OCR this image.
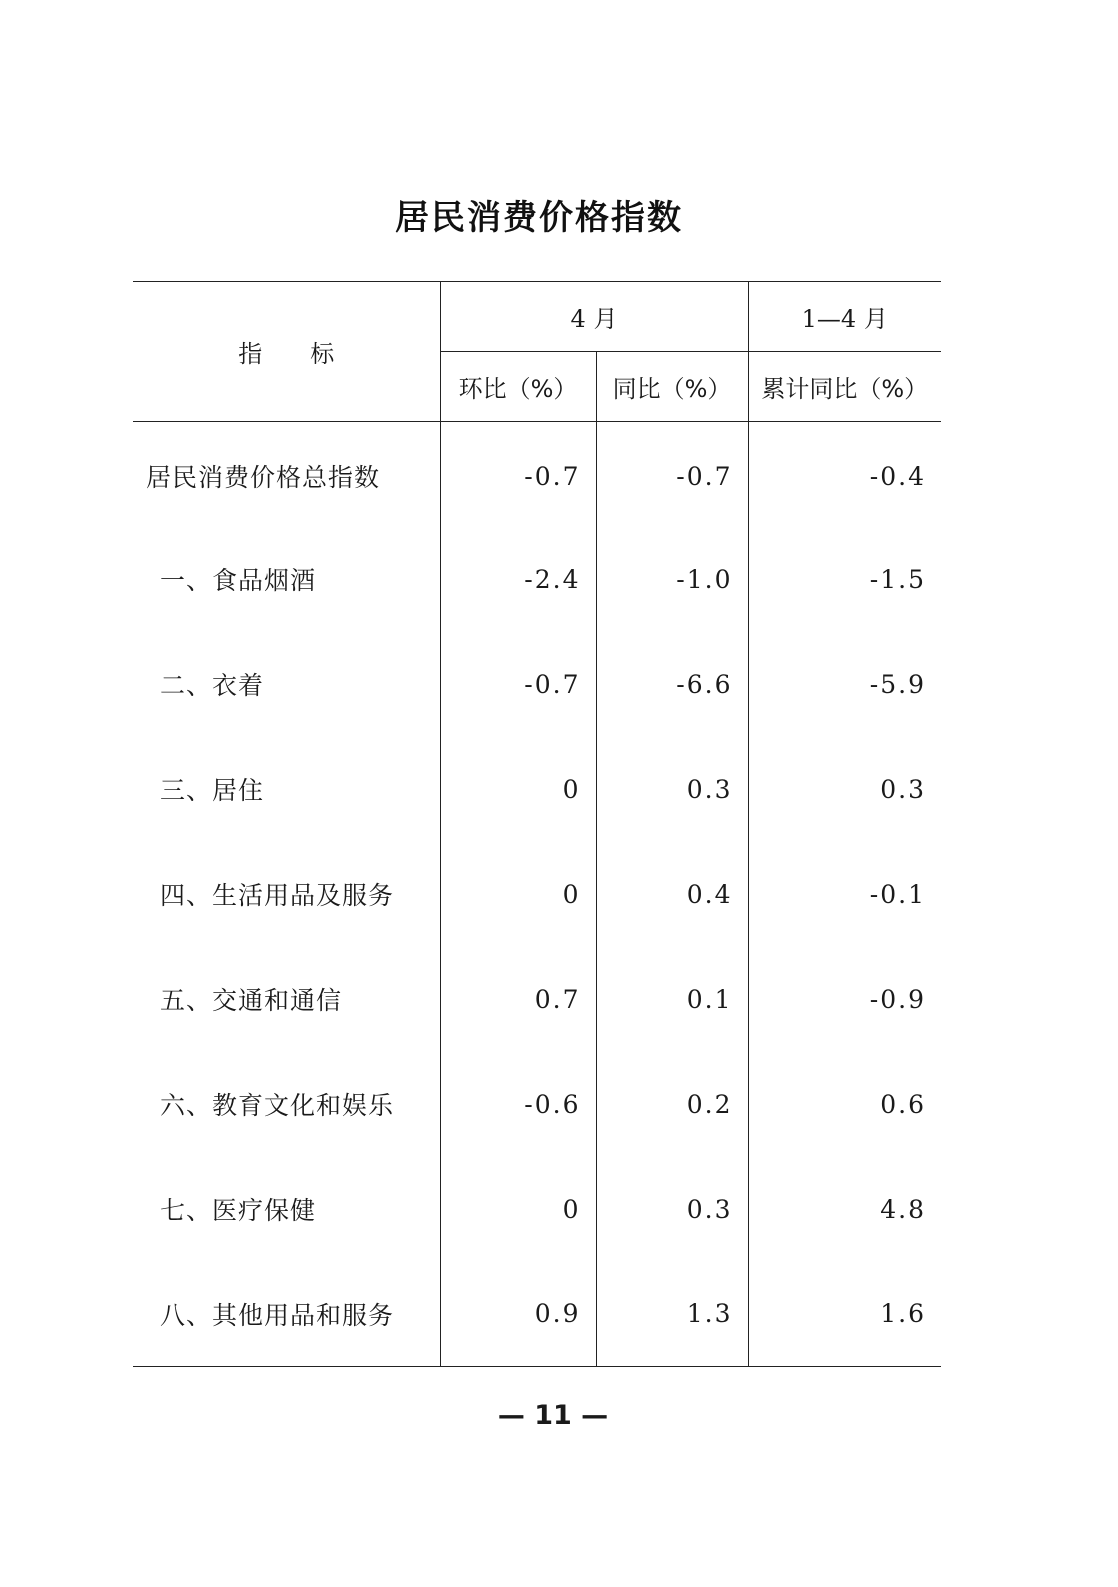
居民消费价格指数
指　　标	4 月		1—4 月
	环比（%）	同比（%）	累计同比（%）
居民消费价格总指数	-0.7	-0.7	-0.4
一、食品烟酒	-2.4	-1.0	-1.5
二、衣着	-0.7	-6.6	-5.9
三、居住	0	0.3	0.3
四、生活用品及服务	0	0.4	-0.1
五、交通和通信	0.7	0.1	-0.9
六、教育文化和娱乐	-0.6	0.2	0.6
七、医疗保健	0	0.3	4.8
八、其他用品和服务	0.9	1.3	1.6
— 11 —
